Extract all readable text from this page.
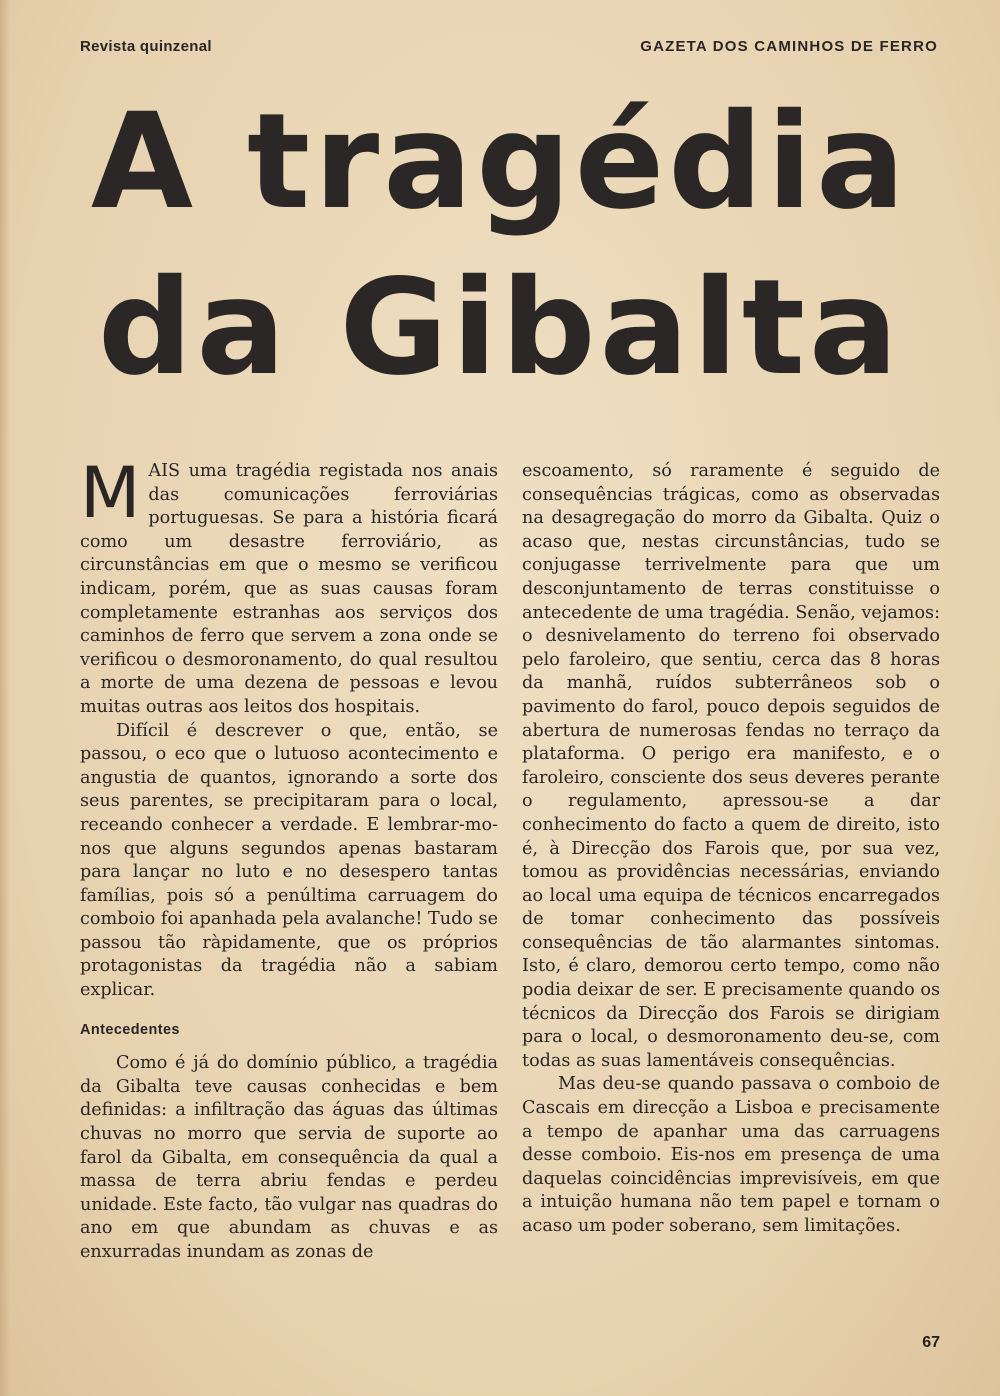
Revista quinzenal	GAZETA DOS CAMINHOS DE FERRO
A tragédia
da Gibalta

MAIS uma tragédia registada nos anais das comunicações ferroviárias portuguesas. Se para a história ficará como um desastre ferroviário, as circunstâncias em que o mesmo se verificou indicam, porém, que as suas causas foram completamente estranhas aos serviços dos caminhos de ferro que servem a zona onde se verificou o desmoronamento, do qual resultou a morte de uma dezena de pessoas e levou muitas outras aos leitos dos hospitais.

Difícil é descrever o que, então, se passou, o eco que o lutuoso acontecimento e angustia de quantos, ignorando a sorte dos seus parentes, se precipitaram para o local, receando conhecer a verdade. E lembrar-mo-nos que alguns segundos apenas bastaram para lançar no luto e no desespero tantas famílias, pois só a penúltima carruagem do comboio foi apanhada pela avalanche! Tudo se passou tão ràpidamente, que os próprios protagonistas da tragédia não a sabiam explicar.

Antecedentes

Como é já do domínio público, a tragédia da Gibalta teve causas conhecidas e bem definidas: a infiltração das águas das últimas chuvas no morro que servia de suporte ao farol da Gibalta, em consequência da qual a massa de terra abriu fendas e perdeu unidade. Este facto, tão vulgar nas quadras do ano em que abundam as chuvas e as enxurradas inundam as zonas de

escoamento, só raramente é seguido de consequências trágicas, como as observadas na desagregação do morro da Gibalta. Quiz o acaso que, nestas circunstâncias, tudo se conjugasse terrivelmente para que um desconjuntamento de terras constituisse o antecedente de uma tragédia. Senão, vejamos: o desnivelamento do terreno foi observado pelo faroleiro, que sentiu, cerca das 8 horas da manhã, ruídos subterrâneos sob o pavimento do farol, pouco depois seguidos de abertura de numerosas fendas no terraço da plataforma. O perigo era manifesto, e o faroleiro, consciente dos seus deveres perante o regulamento, apressou-se a dar conhecimento do facto a quem de direito, isto é, à Direcção dos Farois que, por sua vez, tomou as providências necessárias, enviando ao local uma equipa de técnicos encarregados de tomar conhecimento das possíveis consequências de tão alarmantes sintomas. Isto, é claro, demorou certo tempo, como não podia deixar de ser. E precisamente quando os técnicos da Direcção dos Farois se dirigiam para o local, o desmoronamento deu-se, com todas as suas lamentáveis consequências.

Mas deu-se quando passava o comboio de Cascais em direcção a Lisboa e precisamente a tempo de apanhar uma das carruagens desse comboio. Eis-nos em presença de uma daquelas coincidências imprevisíveis, em que a intuição humana não tem papel e tornam o acaso um poder soberano, sem limitações.

67
